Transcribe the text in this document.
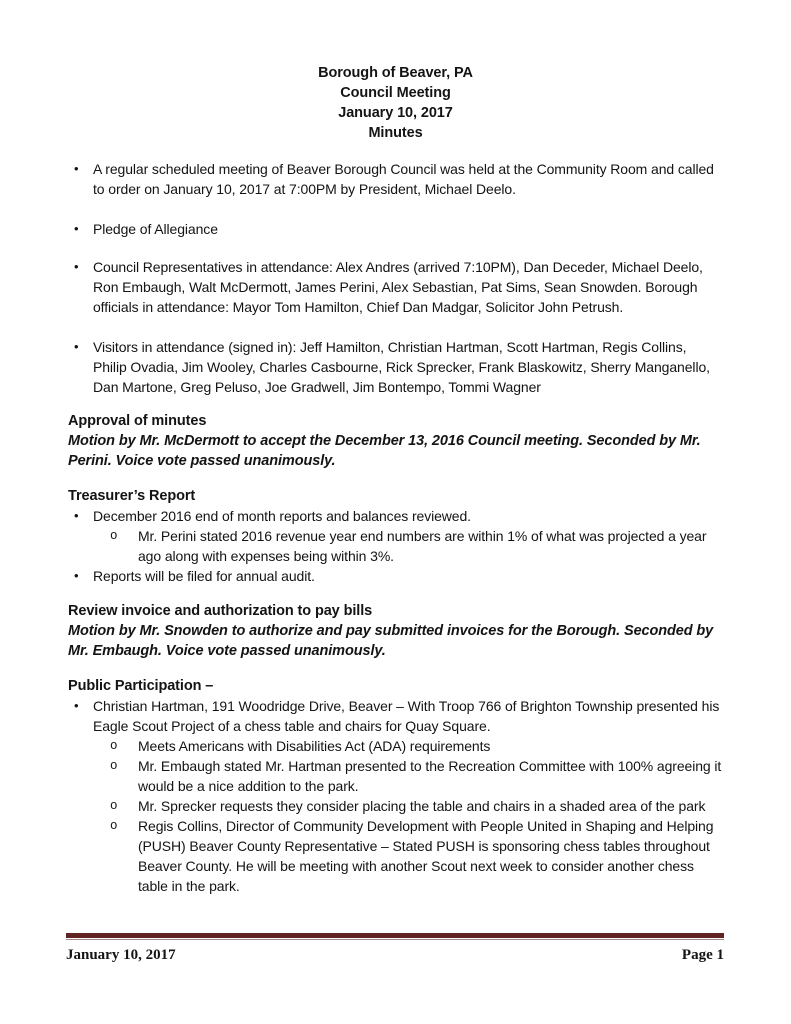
Borough of Beaver, PA
Council Meeting
January 10, 2017
Minutes
• A regular scheduled meeting of Beaver Borough Council was held at the Community Room and called to order on January 10, 2017 at 7:00PM by President, Michael Deelo.
• Pledge of Allegiance
• Council Representatives in attendance: Alex Andres (arrived 7:10PM), Dan Deceder, Michael Deelo, Ron Embaugh, Walt McDermott, James Perini, Alex Sebastian, Pat Sims, Sean Snowden. Borough officials in attendance: Mayor Tom Hamilton, Chief Dan Madgar, Solicitor John Petrush.
• Visitors in attendance (signed in): Jeff Hamilton, Christian Hartman, Scott Hartman, Regis Collins, Philip Ovadia, Jim Wooley, Charles Casbourne, Rick Sprecker, Frank Blaskowitz, Sherry Manganello, Dan Martone, Greg Peluso, Joe Gradwell, Jim Bontempo, Tommi Wagner
Approval of minutes
Motion by Mr. McDermott to accept the December 13, 2016 Council meeting. Seconded by Mr. Perini. Voice vote passed unanimously.
Treasurer’s Report
• December 2016 end of month reports and balances reviewed.
o Mr. Perini stated 2016 revenue year end numbers are within 1% of what was projected a year ago along with expenses being within 3%.
• Reports will be filed for annual audit.
Review invoice and authorization to pay bills
Motion by Mr. Snowden to authorize and pay submitted invoices for the Borough. Seconded by Mr. Embaugh. Voice vote passed unanimously.
Public Participation –
• Christian Hartman, 191 Woodridge Drive, Beaver – With Troop 766 of Brighton Township presented his Eagle Scout Project of a chess table and chairs for Quay Square.
o Meets Americans with Disabilities Act (ADA) requirements
o Mr. Embaugh stated Mr. Hartman presented to the Recreation Committee with 100% agreeing it would be a nice addition to the park.
o Mr. Sprecker requests they consider placing the table and chairs in a shaded area of the park
o Regis Collins, Director of Community Development with People United in Shaping and Helping (PUSH) Beaver County Representative – Stated PUSH is sponsoring chess tables throughout Beaver County. He will be meeting with another Scout next week to consider another chess table in the park.
January 10, 2017	Page 1
